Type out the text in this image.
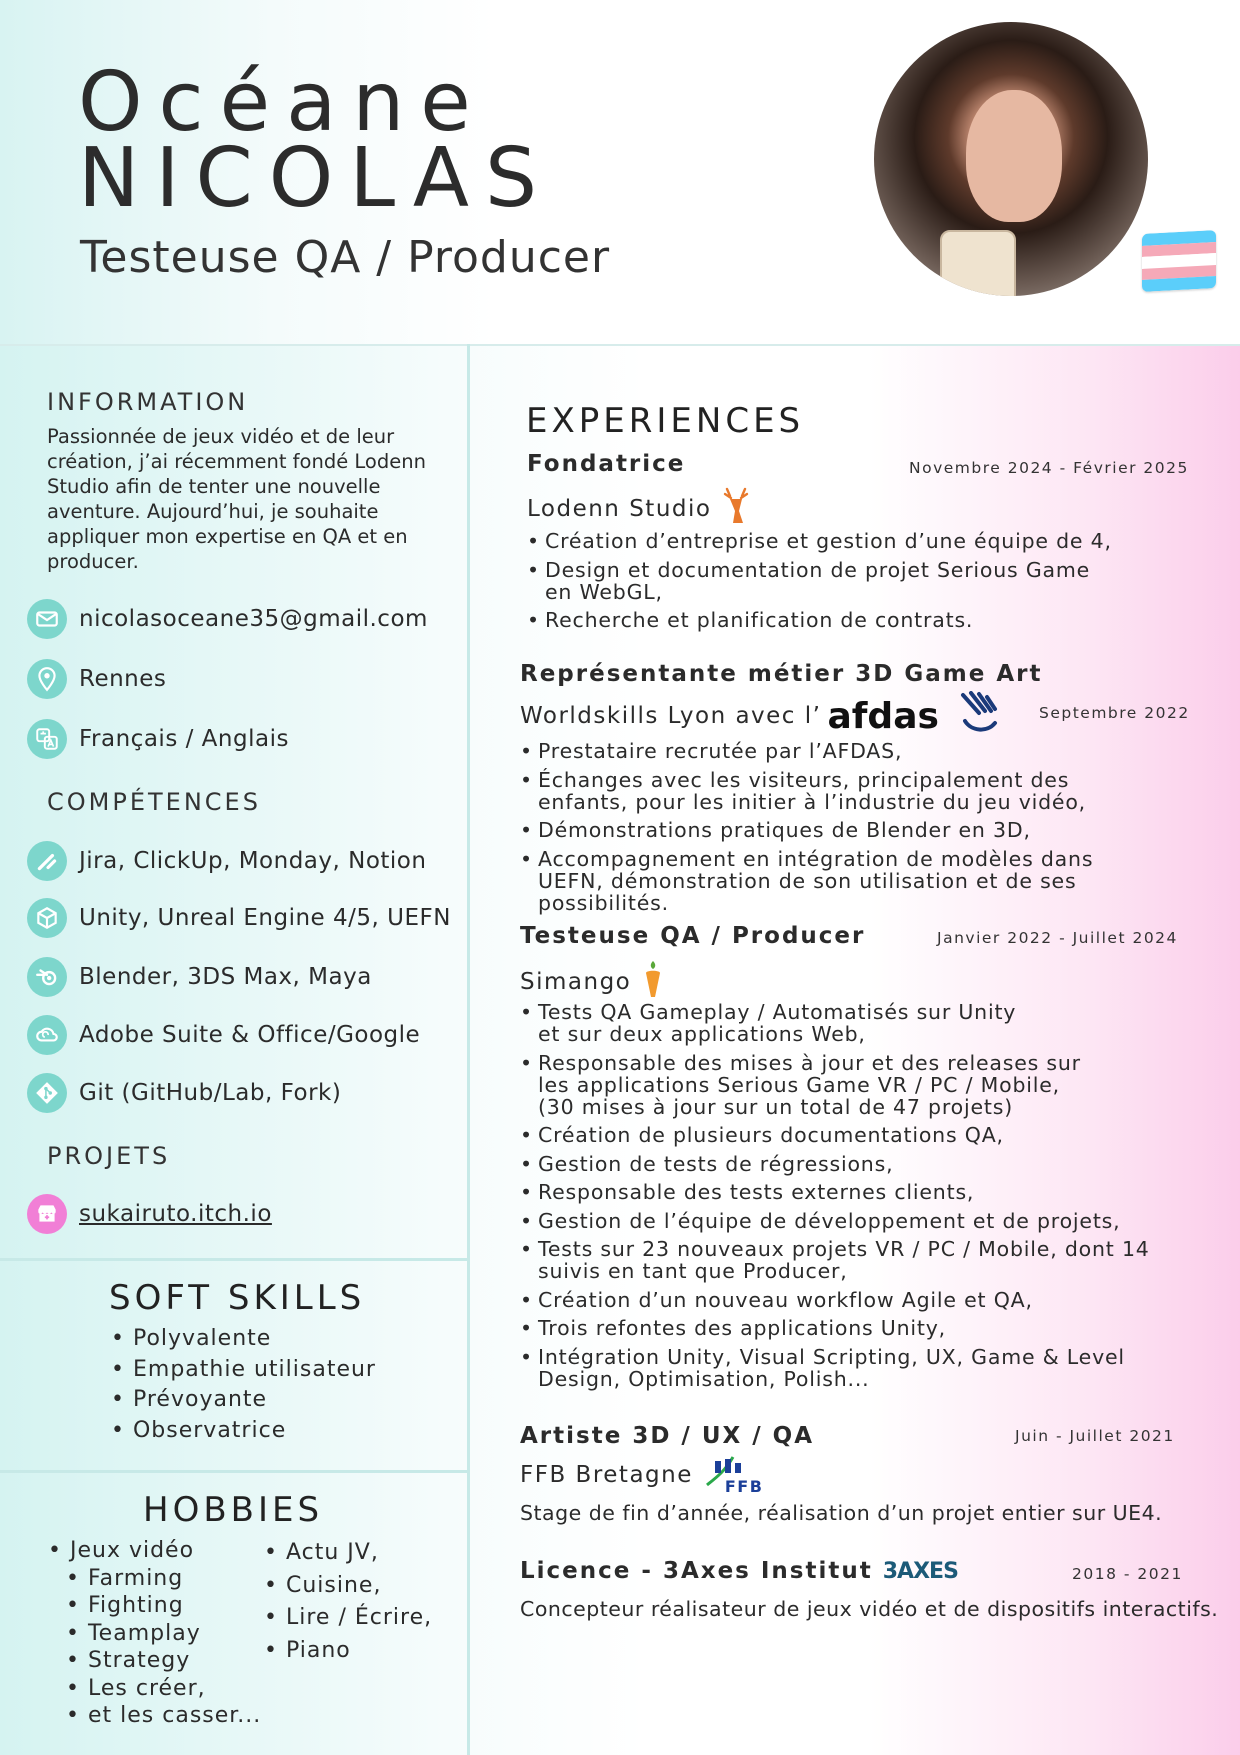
Océane
NICOLAS
Testeuse QA / Producer
INFORMATION
Passionnée de jeux vidéo et de leur création, j’ai récemment fondé Lodenn Studio afin de tenter une nouvelle aventure. Aujourd’hui, je souhaite appliquer mon expertise en QA et en producer.
nicolasoceane35@gmail.com
Rennes
Français / Anglais
COMPÉTENCES
Jira, ClickUp, Monday, Notion
Unity, Unreal Engine 4/5, UEFN
Blender, 3DS Max, Maya
Adobe Suite & Office/Google
Git (GitHub/Lab, Fork)
PROJETS
sukairuto.itch.io
SOFT SKILLS
• Polyvalente
• Empathie utilisateur
• Prévoyante
• Observatrice
HOBBIES
• Jeux vidéo
• Farming
• Fighting
• Teamplay
• Strategy
• Les créer,
• et les casser...
• Actu JV,
• Cuisine,
• Lire / Écrire,
• Piano
EXPERIENCES
Fondatrice	Novembre 2024 - Février 2025
Lodenn Studio
• Création d’entreprise et gestion d’une équipe de 4,
• Design et documentation de projet Serious Game en WebGL,
• Recherche et planification de contrats.
Représentante métier 3D Game Art
Worldskills Lyon avec l’ afdas	Septembre 2022
• Prestataire recrutée par l’AFDAS,
• Échanges avec les visiteurs, principalement des enfants, pour les initier à l’industrie du jeu vidéo,
• Démonstrations pratiques de Blender en 3D,
• Accompagnement en intégration de modèles dans UEFN, démonstration de son utilisation et de ses possibilités.
Testeuse QA / Producer	Janvier 2022 - Juillet 2024
Simango
• Tests QA Gameplay / Automatisés sur Unity et sur deux applications Web,
• Responsable des mises à jour et des releases sur les applications Serious Game VR / PC / Mobile, (30 mises à jour sur un total de 47 projets)
• Création de plusieurs documentations QA,
• Gestion de tests de régressions,
• Responsable des tests externes clients,
• Gestion de l’équipe de développement et de projets,
• Tests sur 23 nouveaux projets VR / PC / Mobile, dont 14 suivis en tant que Producer,
• Création d’un nouveau workflow Agile et QA,
• Trois refontes des applications Unity,
• Intégration Unity, Visual Scripting, UX, Game & Level Design, Optimisation, Polish...
Artiste 3D / UX / QA	Juin - Juillet 2021
FFB Bretagne FFB
Stage de fin d’année, réalisation d’un projet entier sur UE4.
Licence - 3Axes Institut 3AXES	2018 - 2021
Concepteur réalisateur de jeux vidéo et de dispositifs interactifs.
